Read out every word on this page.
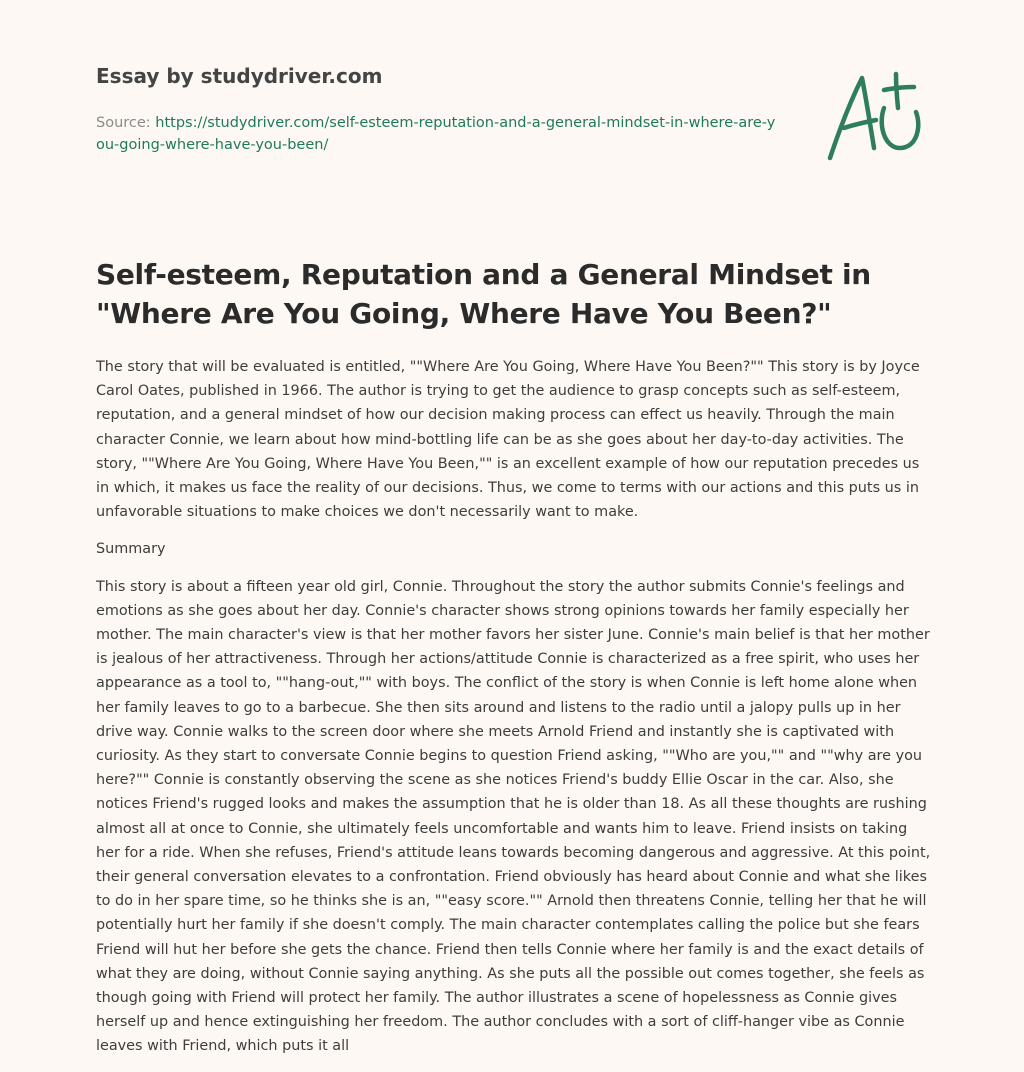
Essay by studydriver.com
Source: https://studydriver.com/self-esteem-reputation-and-a-general-mindset-in-where-are-you-going-where-have-you-been/
Self-esteem, Reputation and a General Mindset in "Where Are You Going, Where Have You Been?"

The story that will be evaluated is entitled, ""Where Are You Going, Where Have You Been?"" This story is by Joyce Carol Oates, published in 1966. The author is trying to get the audience to grasp concepts such as self-esteem, reputation, and a general mindset of how our decision making process can effect us heavily. Through the main character Connie, we learn about how mind-bottling life can be as she goes about her day-to-day activities. The story, ""Where Are You Going, Where Have You Been,"" is an excellent example of how our reputation precedes us in which, it makes us face the reality of our decisions. Thus, we come to terms with our actions and this puts us in unfavorable situations to make choices we don't necessarily want to make.

Summary

This story is about a fifteen year old girl, Connie. Throughout the story the author submits Connie's feelings and emotions as she goes about her day. Connie's character shows strong opinions towards her family especially her mother. The main character's view is that her mother favors her sister June. Connie's main belief is that her mother is jealous of her attractiveness. Through her actions/attitude Connie is characterized as a free spirit, who uses her appearance as a tool to, ""hang-out,"" with boys. The conflict of the story is when Connie is left home alone when her family leaves to go to a barbecue. She then sits around and listens to the radio until a jalopy pulls up in her drive way. Connie walks to the screen door where she meets Arnold Friend and instantly she is captivated with curiosity. As they start to conversate Connie begins to question Friend asking, ""Who are you,"" and ""why are you here?"" Connie is constantly observing the scene as she notices Friend's buddy Ellie Oscar in the car. Also, she notices Friend's rugged looks and makes the assumption that he is older than 18. As all these thoughts are rushing almost all at once to Connie, she ultimately feels uncomfortable and wants him to leave. Friend insists on taking her for a ride. When she refuses, Friend's attitude leans towards becoming dangerous and aggressive. At this point, their general conversation elevates to a confrontation. Friend obviously has heard about Connie and what she likes to do in her spare time, so he thinks she is an, ""easy score."" Arnold then threatens Connie, telling her that he will potentially hurt her family if she doesn't comply. The main character contemplates calling the police but she fears Friend will hut her before she gets the chance. Friend then tells Connie where her family is and the exact details of what they are doing, without Connie saying anything. As she puts all the possible out comes together, she feels as though going with Friend will protect her family. The author illustrates a scene of hopelessness as Connie gives herself up and hence extinguishing her freedom. The author concludes with a sort of cliff-hanger vibe as Connie leaves with Friend, which puts it all
